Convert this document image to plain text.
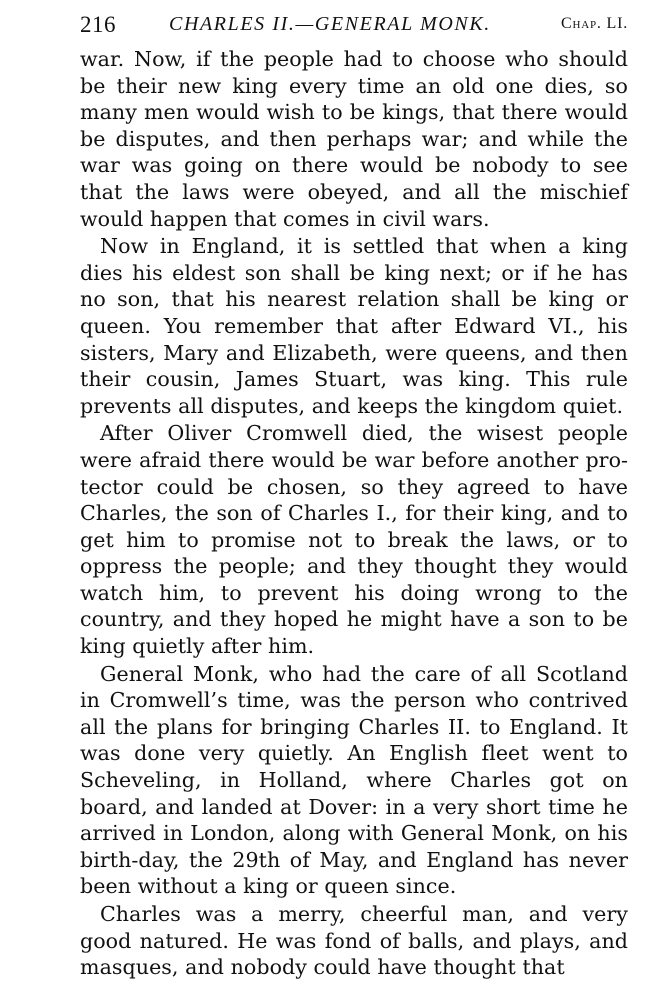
216	CHARLES II.—GENERAL MONK.	Chap. LI.

war. Now, if the people had to choose who should be their new king every time an old one dies, so many men would wish to be kings, that there would be disputes, and then perhaps war; and while the war was going on there would be nobody to see that the laws were obeyed, and all the mischief would happen that comes in civil wars.

Now in England, it is settled that when a king dies his eldest son shall be king next; or if he has no son, that his nearest relation shall be king or queen. You remember that after Edward VI., his sisters, Mary and Elizabeth, were queens, and then their cousin, James Stuart, was king. This rule prevents all disputes, and keeps the kingdom quiet.

After Oliver Cromwell died, the wisest people were afraid there would be war before another protector could be chosen, so they agreed to have Charles, the son of Charles I., for their king, and to get him to promise not to break the laws, or to oppress the people; and they thought they would watch him, to prevent his doing wrong to the country, and they hoped he might have a son to be king quietly after him.

General Monk, who had the care of all Scotland in Cromwell’s time, was the person who contrived all the plans for bringing Charles II. to England. It was done very quietly. An English fleet went to Scheveling, in Holland, where Charles got on board, and landed at Dover: in a very short time he arrived in London, along with General Monk, on his birth-day, the 29th of May, and England has never been without a king or queen since.

Charles was a merry, cheerful man, and very good natured. He was fond of balls, and plays, and masques, and nobody could have thought that
